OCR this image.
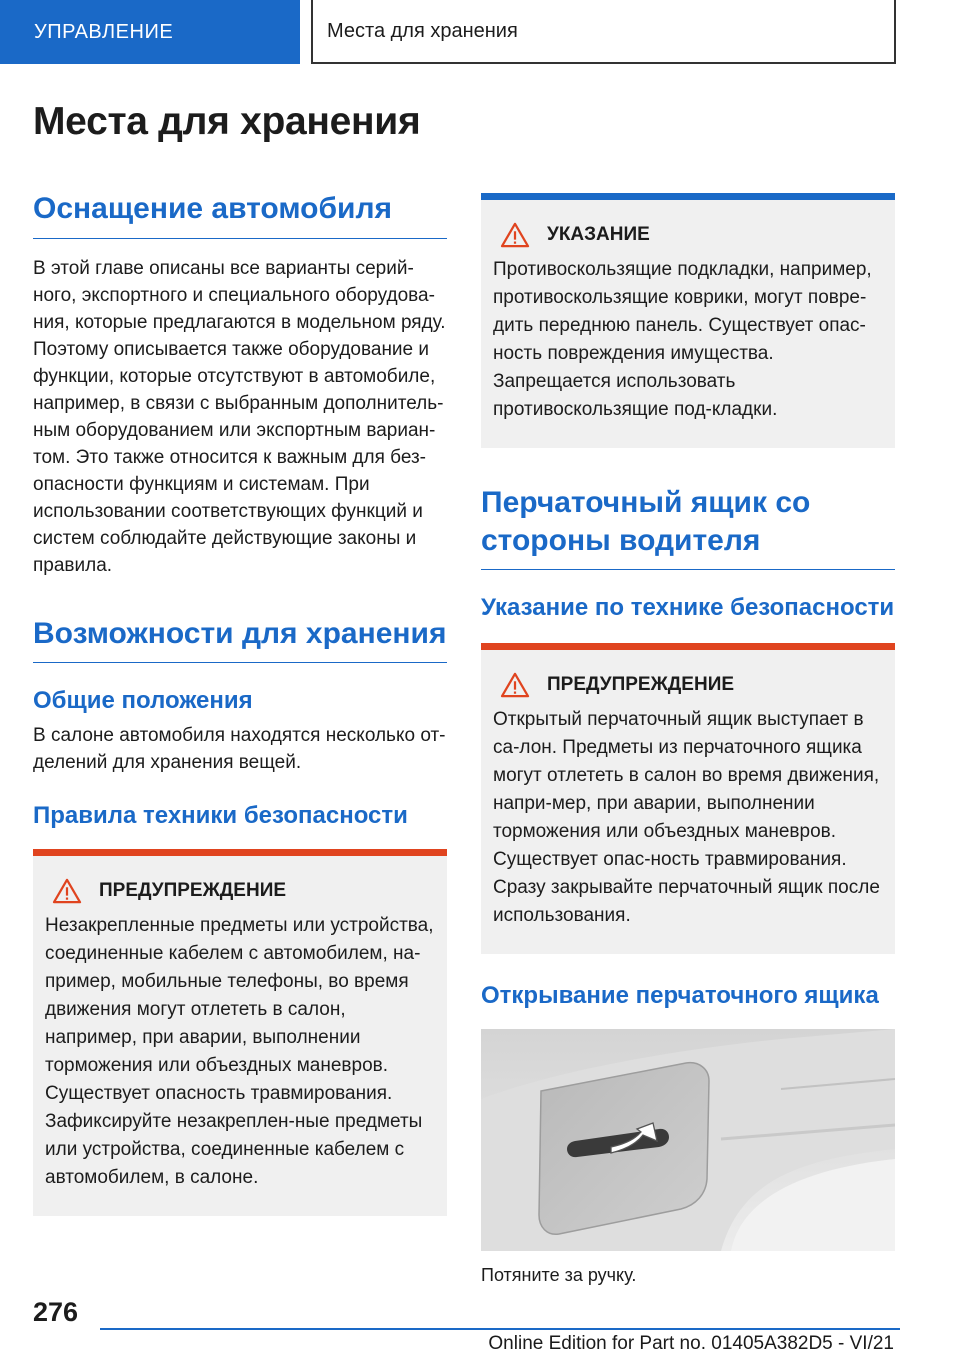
УПРАВЛЕНИЕ	Места для хранения
Места для хранения
Оснащение автомобиля

В этой главе описаны все варианты серий-ного, экспортного и специального оборудова-ния, которые предлагаются в модельном ряду. Поэтому описывается также оборудование и функции, которые отсутствуют в автомобиле, например, в связи с выбранным дополнитель-ным оборудованием или экспортным вариан-том. Это также относится к важным для без-опасности функциям и системам. При использовании соответствующих функций и систем соблюдайте действующие законы и правила.

Возможности для хранения
Общие положения

В салоне автомобиля находятся несколько от-делений для хранения вещей.

Правила техники безопасности
ПРЕДУПРЕЖДЕНИЕ

Незакрепленные предметы или устройства, соединенные кабелем с автомобилем, на-пример, мобильные телефоны, во время движения могут отлететь в салон, например, при аварии, выполнении торможения или объездных маневров. Существует опасность травмирования. Зафиксируйте незакреплен-ные предметы или устройства, соединенные кабелем с автомобилем, в салоне.

УКАЗАНИЕ

Противоскользящие подкладки, например, противоскользящие коврики, могут повре-дить переднюю панель. Существует опас-ность повреждения имущества. Запрещается использовать противоскользящие под-кладки.

Перчаточный ящик со стороны водителя
Указание по технике безопасности
ПРЕДУПРЕЖДЕНИЕ

Открытый перчаточный ящик выступает в са-лон. Предметы из перчаточного ящика могут отлететь в салон во время движения, напри-мер, при аварии, выполнении торможения или объездных маневров. Существует опас-ность травмирования. Сразу закрывайте перчаточный ящик после использования.

Открывание перчаточного ящика
Потяните за ручку.
276
Online Edition for Part no. 01405A382D5 - VI/21
